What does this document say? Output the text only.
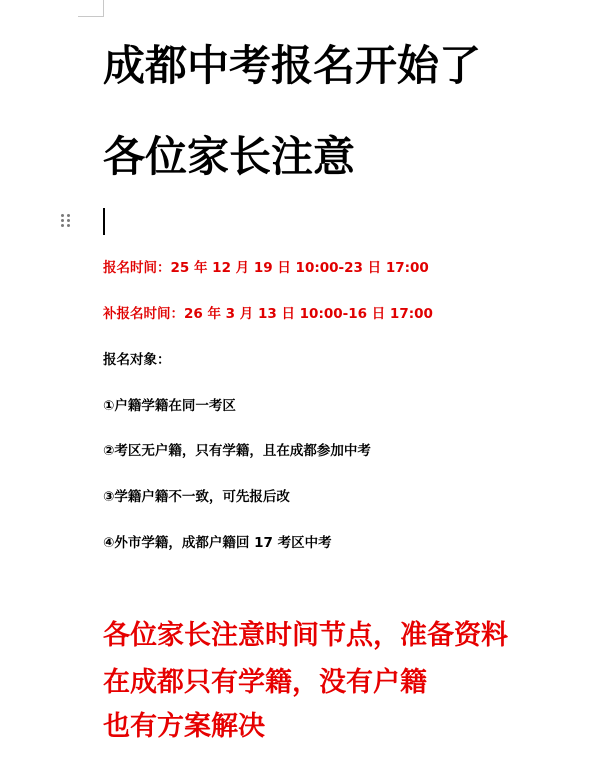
成都中考报名开始了
各位家长注意

报名时间：25 年 12 月 19 日 10:00-23 日 17:00

补报名时间：26 年 3 月 13 日 10:00-16 日 17:00

报名对象：

①户籍学籍在同一考区

②考区无户籍，只有学籍，且在成都参加中考

③学籍户籍不一致，可先报后改

④外市学籍，成都户籍回 17 考区中考

各位家长注意时间节点，准备资料

在成都只有学籍，没有户籍

也有方案解决
